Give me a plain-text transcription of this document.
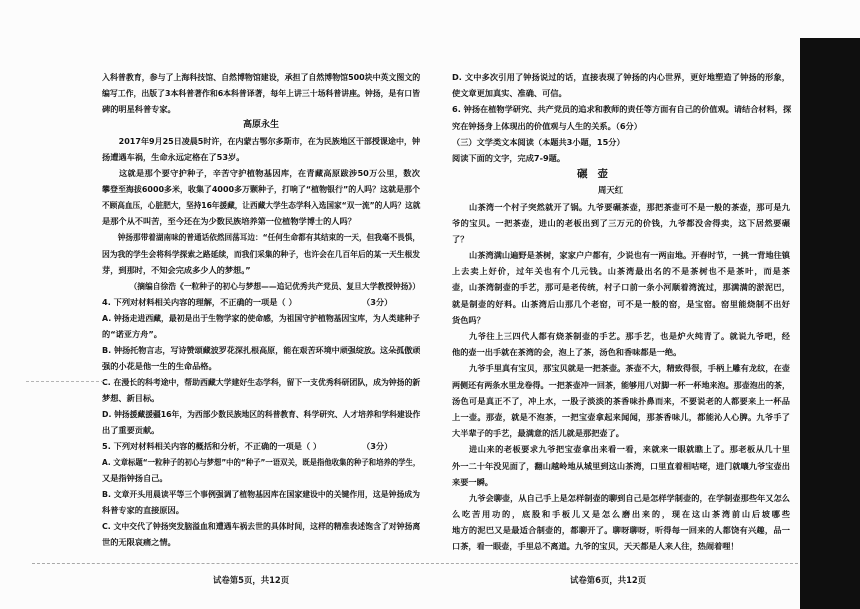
入科普教育，参与了上海科技馆、自然博物馆建设，承担了自然博物馆500块中英文图文的
编写工作，出版了3本科普著作和6本科普译著，每年上讲三十场科普讲座。钟扬，是有口皆
碑的明星科普专家。
高原永生
2017年9月25日凌晨5时许，在内蒙古鄂尔多斯市，在为民族地区干部授课途中，钟
扬遭遇车祸，生命永远定格在了53岁。
这就是那个要守护种子，辛苦守护植物基因库，在青藏高原跋涉50万公里，数次
攀登至海拔6000多米，收集了4000多万颗种子，打响了“植物银行”的人吗？这就是那个
不顾高血压，心脏肥大，坚持16年援藏，让西藏大学生态学科入选国家“双一流”的人吗？这就
是那个从不叫苦，至今还在为少数民族培养第一位植物学博士的人吗？
钟扬那带着湖南味的普通话依然回荡耳边：“任何生命都有其结束的一天，但我毫不畏惧，
因为我的学生会将科学探索之路延续，而我们采集的种子，也许会在几百年后的某一天生根发
芽，到那时，不知会完成多少人的梦想。”
（摘编自徐浩《一粒种子的初心与梦想——追记优秀共产党员、复旦大学教授钟扬》）
4. 下列对材料相关内容的理解，不正确的一项是（ ）	（3分）
A. 钟扬走进西藏，最初是出于生物学家的使命感，为祖国守护植物基因宝库，为人类建种子
的“诺亚方舟”。
B. 钟扬托物言志，写诗赞颂藏波罗花深扎根高原，能在艰苦环境中顽强绽放。这朵孤傲顽
强的小花是他一生的生命品格。
C. 在漫长的科考途中，帮助西藏大学建好生态学科，留下一支优秀科研团队，成为钟扬的新
梦想、新目标。
D. 钟扬援藏援疆16年，为西部少数民族地区的科普教育、科学研究、人才培养和学科建设作
出了重要贡献。
5. 下列对材料相关内容的概括和分析，不正确的一项是（ ）	（3分）
A. 文章标题“一粒种子的初心与梦想”中的“种子”一语双关，既是指他收集的种子和培养的学生，
又是指钟扬自己。
B. 文章开头用晨读平等三个事例强调了植物基因库在国家建设中的关键作用，这是钟扬成为
科普专家的直接原因。
C. 文中交代了钟扬突发脑溢血和遭遇车祸去世的具体时间，这样的精准表述饱含了对钟扬离
世的无限哀痛之情。
D. 文中多次引用了钟扬说过的话，直接表现了钟扬的内心世界，更好地塑造了钟扬的形象，
使文章更加真实、准确、可信。
6. 钟扬在植物学研究、共产党员的追求和教师的责任等方面有自己的价值观。请结合材料，探
究在钟扬身上体现出的价值观与人生的关系。（6分）
（三）文学类文本阅读（本题共3小题，15分）
阅读下面的文字，完成7-9题。
碾壶
周天红
山茶湾一个村子突然就开了锅。九爷要碾茶壶，那把茶壶可不是一般的茶壶，那可是九
爷的宝贝。一把茶壶，进山的老板出到了三万元的价钱，九爷都没舍得卖，这下居然要碾
了？
山茶湾满山遍野是茶树，家家户户都有，少说也有一两亩地。开春时节，一挑一背地往镇
上去卖上好价，过年关也有个几元钱。山茶湾最出名的不是茶树也不是茶叶，而是茶
壶，山茶湾制壶的手艺，那可是老传统，村子口前一条小河顺着湾流过，那满满的淤泥巴，
就是制壶的好料。山茶湾后山那几个老窑，可不是一般的窑，是宝窑。窑里能烧制不出好
货色吗？
九爷往上三四代人都有烧茶制壶的手艺。那手艺，也是炉火纯青了。就说九爷吧，经
他的壶一出手就在茶湾的会，泡上了茶，汤色和香味都是一绝。
九爷手里真有宝贝，那宝贝就是一把茶壶。茶壶不大，精致得很，手柄上雕有龙纹，在壶
两侧还有两条水里龙卷得。一把茶壶冲一回茶，能够用八对脚一杯一杯地来泡。那壶泡出的茶，
汤色可是真正不了，冲上水，一股子淡淡的茶香味扑鼻而来，不要说老的人都要来上一杯品
上一壶。那壶，就是不泡茶，一把宝壶拿起来闻闻，那茶香味儿，都能沁人心脾。九爷手了
大半辈子的手艺，最满意的活儿就是那把壶了。
进山来的老板要求九爷把宝壶拿出来看一看，来就来一眼就瞧上了。那老板从几十里
外一二十年没见面了，翻山越岭地从城里到这山茶湾，口里直着相咕咾，进门就嚷九爷宝壶出
来要一瞬。
九爷会聊壶，从自己手上是怎样制壶的聊到自己是怎样学制壶的，在学制壶那些年又怎么
么吃苦用功的，底股和手板儿又是怎么磨出来的，现在这山茶湾前山后坡哪些
地方的泥巴又是最适合制壶的，都聊开了。聊呀聊呀，听得每一回来的人都饶有兴趣，品一
口茶，看一眼壶，手里总不离道。九爷的宝贝，天天都是人来人往，热闹着哩！
试卷第5页，共12页	试卷第6页，共12页
